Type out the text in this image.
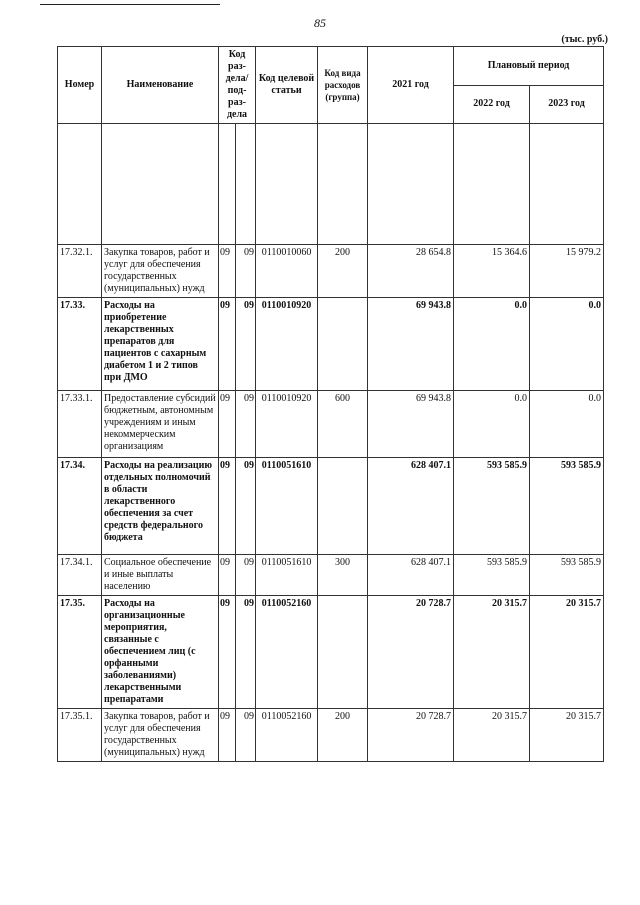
85
(тыс. руб.)
Номер	Наименование	Код раз-дела/ под-раз-дела		Код целевой статьи	Код вида расходов (группа)	2021 год	Плановый период	
							2022 год	2023 год

17.32.1.	Закупка товаров, работ и услуг для обеспечения государственных (муниципальных) нужд	09	09	0110010060	200	28 654.8	15 364.6	15 979.2
17.33.	Расходы на приобретение лекарственных препаратов для пациентов с сахарным диабетом 1 и 2 типов при ДМО	09	09	0110010920		69 943.8	0.0	0.0
17.33.1.	Предоставление субсидий бюджетным, автономным учреждениям и иным некоммерческим организациям	09	09	0110010920	600	69 943.8	0.0	0.0
17.34.	Расходы на реализацию отдельных полномочий в области лекарственного обеспечения за счет средств федерального бюджета	09	09	0110051610		628 407.1	593 585.9	593 585.9
17.34.1.	Социальное обеспечение и иные выплаты населению	09	09	0110051610	300	628 407.1	593 585.9	593 585.9
17.35.	Расходы на организационные мероприятия, связанные с обеспечением лиц (с орфанными заболеваниями) лекарственными препаратами	09	09	0110052160		20 728.7	20 315.7	20 315.7
17.35.1.	Закупка товаров, работ и услуг для обеспечения государственных (муниципальных) нужд	09	09	0110052160	200	20 728.7	20 315.7	20 315.7
